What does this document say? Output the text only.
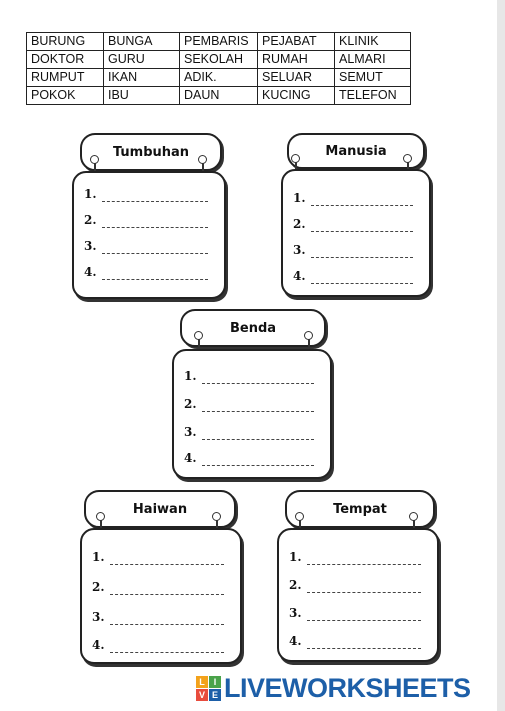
BURUNG	BUNGA	PEMBARIS	PEJABAT	KLINIK
DOKTOR	GURU	SEKOLAH	RUMAH	ALMARI
RUMPUT	IKAN	ADIK.	SELUAR	SEMUT
POKOK	IBU	DAUN	KUCING	TELEFON
Tumbuhan
1.
2.
3.
4.
Manusia
1.
2.
3.
4.
Benda
1.
2.
3.
4.
Haiwan
1.
2.
3.
4.
Tempat
1.
2.
3.
4.
L I
V E LIVEWORKSHEETS
